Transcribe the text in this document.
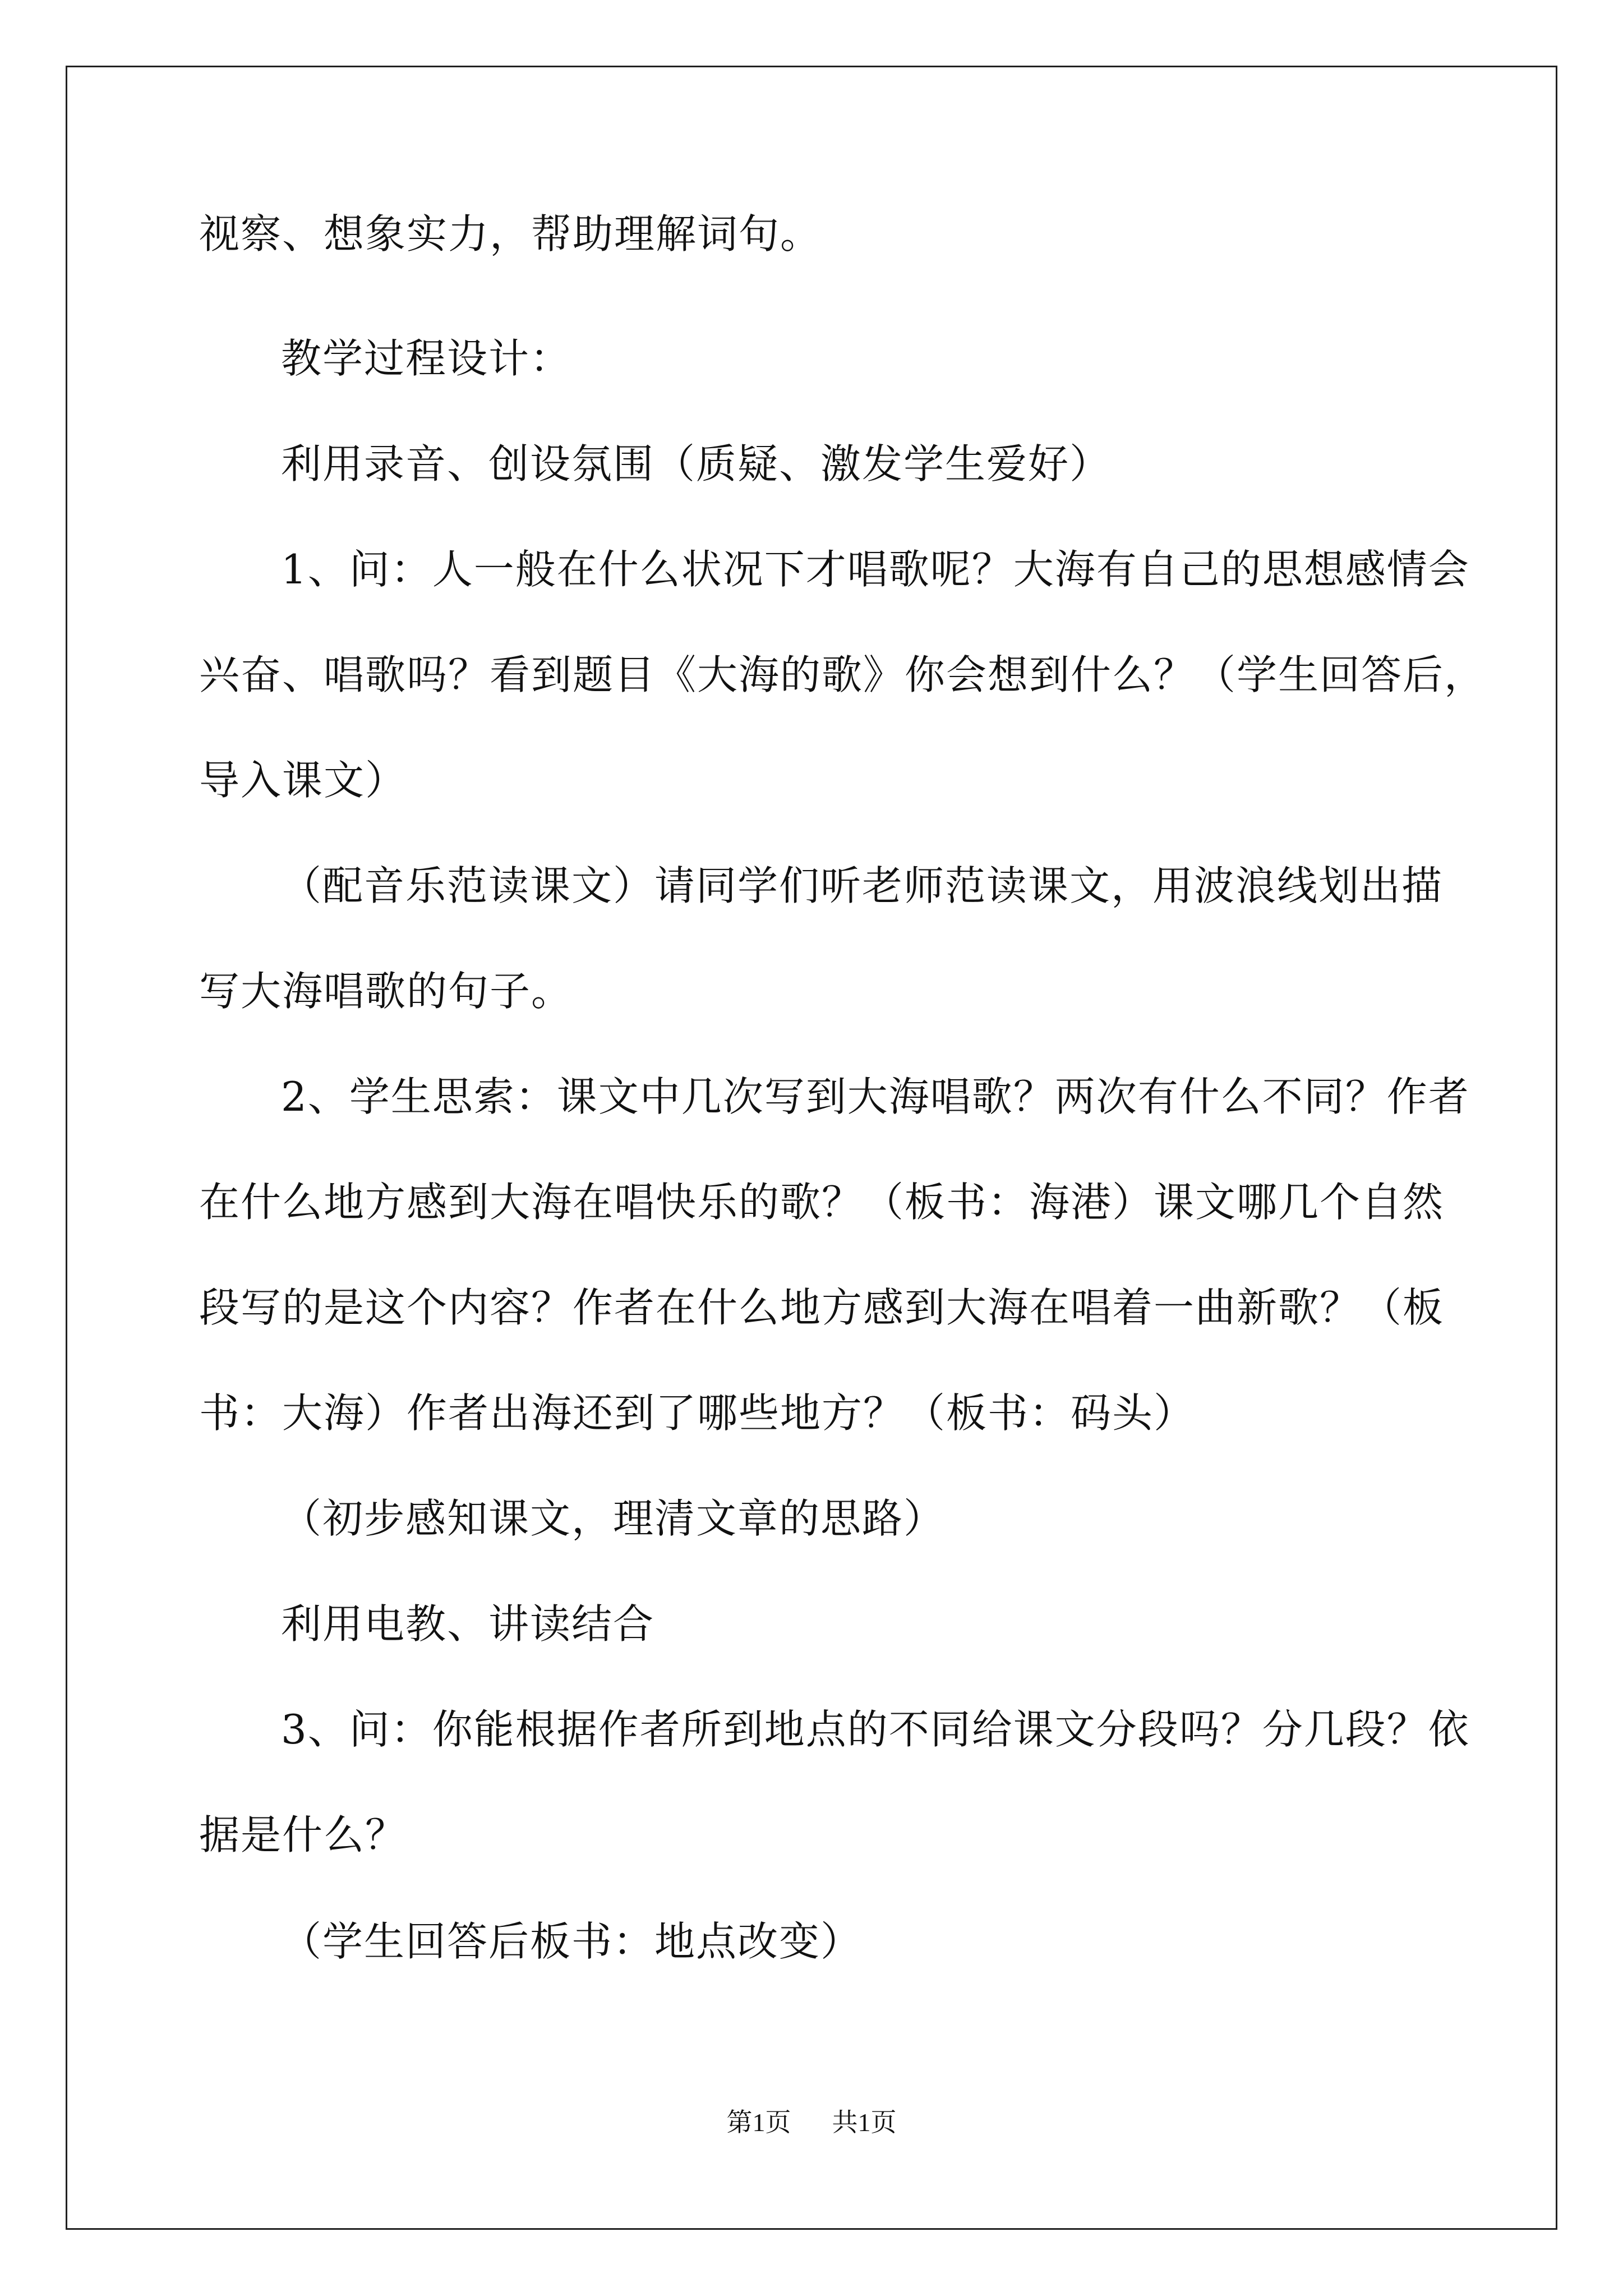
视察、想象实力，帮助理解词句。
教学过程设计：
利用录音、创设氛围（质疑、激发学生爱好）
1、问：人一般在什么状况下才唱歌呢？大海有自己的思想感情会
兴奋、唱歌吗？看到题目《大海的歌》你会想到什么？（学生回答后，
导入课文）
（配音乐范读课文）请同学们听老师范读课文，用波浪线划出描
写大海唱歌的句子。
2、学生思索：课文中几次写到大海唱歌？两次有什么不同？作者
在什么地方感到大海在唱快乐的歌？（板书：海港）课文哪几个自然
段写的是这个内容？作者在什么地方感到大海在唱着一曲新歌？（板
书：大海）作者出海还到了哪些地方？（板书：码头）
（初步感知课文，理清文章的思路）
利用电教、讲读结合
3、问：你能根据作者所到地点的不同给课文分段吗？分几段？依
据是什么？
（学生回答后板书：地点改变）
第1页 共1页
